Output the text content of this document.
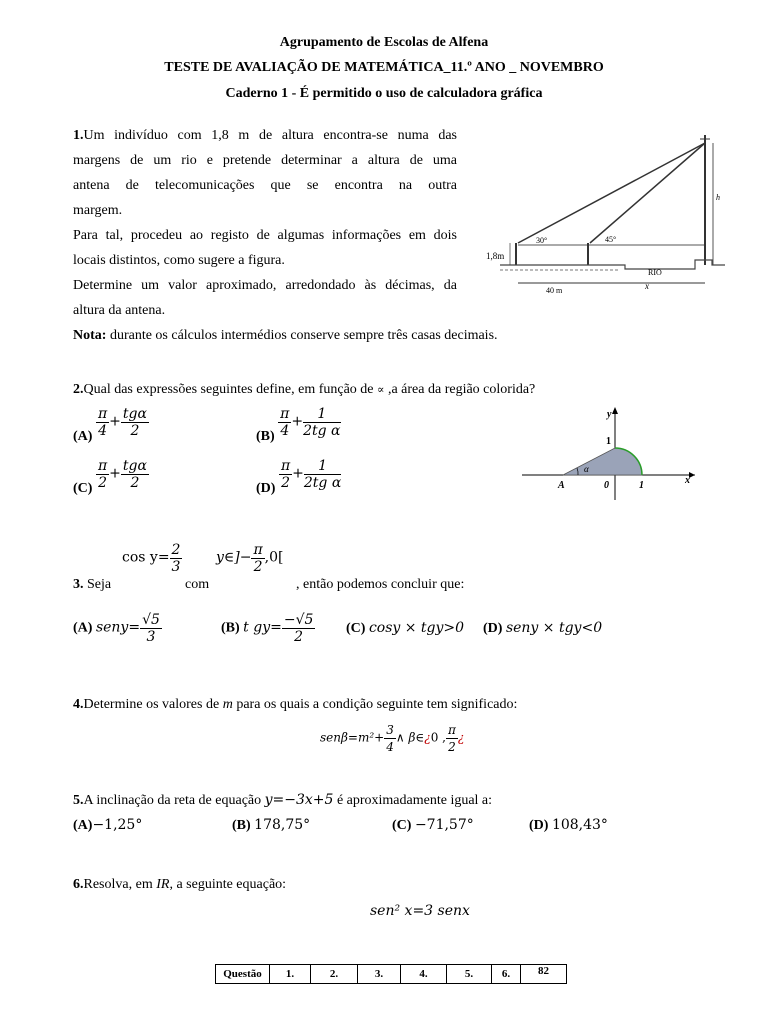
Agrupamento de Escolas de Alfena
TESTE DE AVALIAÇÃO DE MATEMÁTICA_11.º ANO _ NOVEMBRO
Caderno 1 - É permitido o uso de calculadora gráfica
1.Um indivíduo com 1,8 m de altura encontra-se numa das
margens de um rio e pretende determinar a altura de uma
antena de telecomunicações que se encontra na outra
margem.
Para tal, procedeu ao registo de algumas informações em dois
locais distintos, como sugere a figura.
Determine um valor aproximado, arredondado às décimas, da
altura da antena.
Nota: durante os cálculos intermédios conserve sempre três casas decimais.
h
1,8m
30°	45°
RIO
40 m	x
2.Qual das expressões seguintes define, em função de ∝ ,a área da região colorida?
$(A) \frac{\pi}{4} + \frac{\text{tgα}}{2}$	$(B) \frac{\pi}{4} + \frac{1}{\text{2tg α}}$
$(C) \frac{\pi}{2} + \frac{\text{tgα}}{2}$	$(D) \frac{\pi}{2} + \frac{1}{\text{2tg α}}$	α
y
x
1
A	0	1
$\cos y= \frac{2}{3}$ y∈]− $\frac{\pi}{2} ,0$[
3. Seja	com	, então podemos concluir que:
(A) seny= $\frac{√5}{3}$	(B) t $gy= \frac{-√5}{2} (C) \cos y \times tgy>0$ (D) seny × tgy<0
4.Determine os valores de m para os quais a condição seguinte tem significado:
$sen\beta=m^2+ \frac{3}{4}$ ∧ β∈¿0 , $\frac{\pi}{2}$ ¿
5.A inclinação da reta de equação y=−3x+5 é aproximadamente igual a:
(A)−1,25°	(B) 178,75°	(C) −71,57°	(D) 108,43°
6.Resolva, em IR, a seguinte equação:
sen² x=3 senx
Questão	1.	2.	3.	4.	5.	6.	82
